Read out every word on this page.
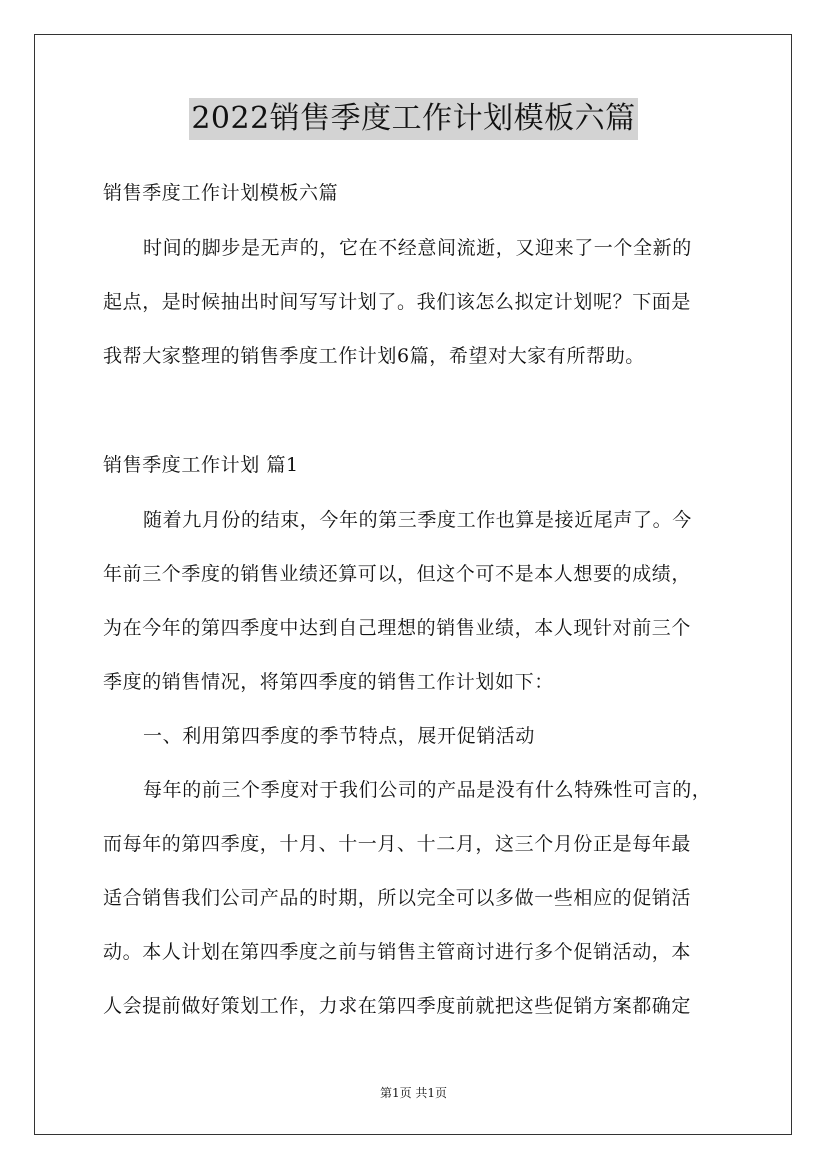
2022销售季度工作计划模板六篇
销售季度工作计划模板六篇
时间的脚步是无声的，它在不经意间流逝，又迎来了一个全新的
起点，是时候抽出时间写写计划了。我们该怎么拟定计划呢？下面是
我帮大家整理的销售季度工作计划6篇，希望对大家有所帮助。
销售季度工作计划 篇1
随着九月份的结束，今年的第三季度工作也算是接近尾声了。今
年前三个季度的销售业绩还算可以，但这个可不是本人想要的成绩，
为在今年的第四季度中达到自己理想的销售业绩，本人现针对前三个
季度的销售情况，将第四季度的销售工作计划如下：
一、利用第四季度的季节特点，展开促销活动
每年的前三个季度对于我们公司的产品是没有什么特殊性可言的，
而每年的第四季度，十月、十一月、十二月，这三个月份正是每年最
适合销售我们公司产品的时期，所以完全可以多做一些相应的促销活
动。本人计划在第四季度之前与销售主管商讨进行多个促销活动，本
人会提前做好策划工作，力求在第四季度前就把这些促销方案都确定
第1页 共1页
